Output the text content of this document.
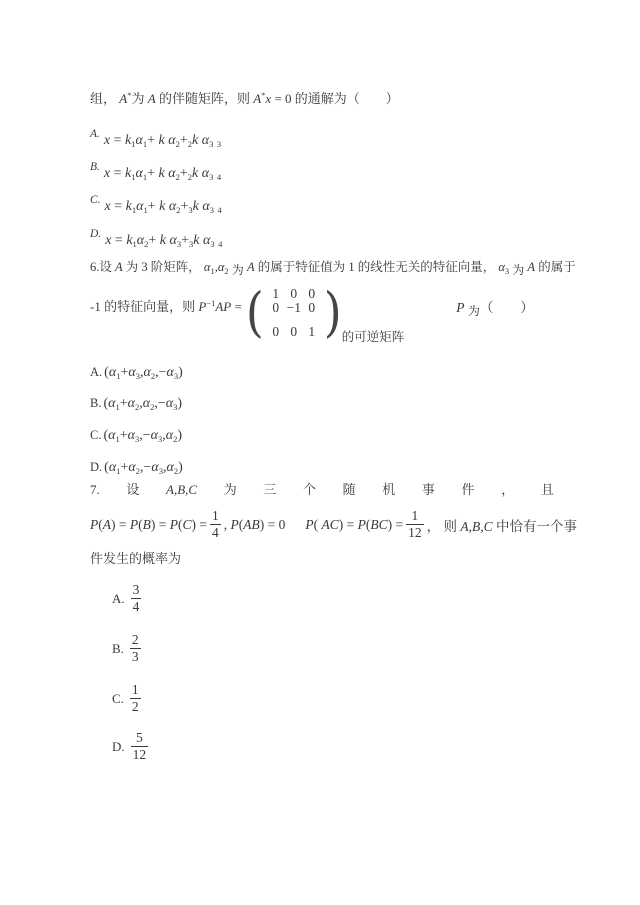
组， A*为 A 的伴随矩阵，则 A*x = 0 的通解为（　　）
A. $x = k_1\alpha_1+ k$ $\alpha_2+_2k$ $\alpha_3$ $_3$
B. $x = k_1\alpha_1+ k$ $\alpha_2+_2k$ $\alpha_3$ $_4$
C. $x = k_1\alpha_1+ k$ $\alpha_2+_3k$ $\alpha_3$ $_4$
D. $x = k_1\alpha_2+ k$ $\alpha_3+_3k$ $\alpha_3$ $_4$
6.设 A 为 3 阶矩阵， $\alpha_1,\alpha_2$ 为 A 的属于特征值为 1 的线性无关的特征向量， $\alpha_3$ 为 A 的属于
-1 的特征向量，则 $P^{-1}AP$ = ( 1 0 0
0 −1 0
0 0 1 ) 的可逆矩阵
P 为（　　）
A. $(\alpha_1+\alpha_3,\alpha_2,-\alpha_3)$
B. $(\alpha_1+\alpha_2,\alpha_2,-\alpha_3)$
C. $(\alpha_1+\alpha_3,-\alpha_3,\alpha_2)$
D. $(\alpha_1+\alpha_2,-\alpha_3,\alpha_2)$
7. 设 A,B,C 为 三 个 随 机 事 件 ， 且
$P(A) = P(B) = P(C) = \frac{1}{4}$ , P(AB) = 0 P( $AC) = P(BC) = \frac{1}{12}$ ， 则 A,B,C 中恰有一个事
件发生的概率为
A. $\frac{3}{4}$
B. $\frac{2}{3}$
C. $\frac{1}{2}$
D. $\frac{5}{12}$
